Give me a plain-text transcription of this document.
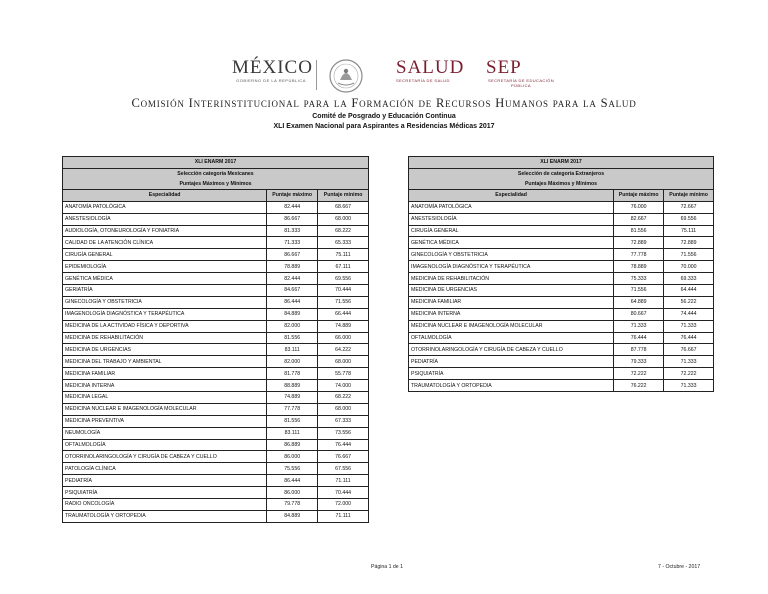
MÉXICO
GOBIERNO DE LA REPÚBLICA
SALUD
SECRETARÍA DE SALUD
SEP
SECRETARÍA DE EDUCACIÓN PÚBLICA
Comisión Interinstitucional para la Formación de Recursos Humanos para la Salud
Comité de Posgrado y Educación Continua
XLI Examen Nacional para Aspirantes a Residencias Médicas 2017
XLI ENARM 2017		
Selección categoría Mexicanes
Puntajes Máximos y Mínimos		
Especialidad	Puntaje máximo	Puntaje mínimo
ANATOMÍA PATOLÓGICA	82.444	68.667
ANESTESIOLOGÍA	86.667	68.000
AUDIOLOGÍA, OTONEUROLOGÍA Y FONIATRIA	81.333	68.222
CALIDAD DE LA ATENCIÓN CLÍNICA	71.333	65.333
CIRUGÍA GENERAL	86.667	75.111
EPIDEMIOLOGÍA	78.889	67.111
GENÉTICA MÉDICA	82.444	69.556
GERIATRÍA	84.667	70.444
GINECOLOGÍA Y OBSTETRICIA	86.444	71.556
IMAGENOLOGÍA DIAGNÓSTICA Y TERAPÉUTICA	84.889	66.444
MEDICINA DE LA ACTIVIDAD FÍSICA Y DEPORTIVA	82.000	74.889
MEDICINA DE REHABILITACIÓN	81.556	66.000
MEDICINA DE URGENCIAS	83.111	64.222
MEDICINA DEL TRABAJO Y AMBIENTAL	82.000	68.000
MEDICINA FAMILIAR	81.778	55.778
MEDICINA INTERNA	88.889	74.000
MEDICINA LEGAL	74.889	68.222
MEDICINA NUCLEAR E IMAGENOLOGÍA MOLECULAR	77.778	68.000
MEDICINA PREVENTIVA	81.556	67.333
NEUMOLOGÍA	83.111	73.556
OFTALMOLOGÍA	86.889	76.444
OTORRINOLARINGOLOGÍA Y CIRUGÍA DE CABEZA Y CUELLO	86.000	76.667
PATOLOGÍA CLÍNICA	75.556	67.556
PEDIATRÍA	86.444	71.111
PSIQUIATRÍA	86.000	70.444
RADIO ONCOLOGÍA	79.778	72.000
TRAUMATOLOGÍA Y ORTOPEDIA	84.889	71.111
XLI ENARM 2017		
Selección de categoría Extranjeros
Puntajes Máximos y Mínimos		
Especialidad	Puntaje máximo	Puntaje mínimo
ANATOMÍA PATOLÓGICA	76.000	72.667
ANESTESIOLOGÍA	82.667	69.556
CIRUGÍA GENERAL	81.556	75.111
GENÉTICA MÉDICA	72.889	72.889
GINECOLOGÍA Y OBSTETRICIA	77.778	71.556
IMAGENOLOGÍA DIAGNÓSTICA Y TERAPÉUTICA	78.889	70.000
MEDICINA DE REHABILITACIÓN	75.333	69.333
MEDICINA DE URGENCIAS	71.556	64.444
MEDICINA FAMILIAR	64.889	56.222
MEDICINA INTERNA	80.667	74.444
MEDICINA NUCLEAR E IMAGENOLOGÍA MOLECULAR	71.333	71.333
OFTALMOLOGÍA	76.444	76.444
OTORRINOLARINGOLOGÍA Y CIRUGÍA DE CABEZA Y CUELLO	87.778	76.667
PEDIATRÍA	79.333	71.333
PSIQUIATRÍA	72.222	72.222
TRAUMATOLOGÍA Y ORTOPEDIA	76.222	71.333
Página 1 de 1	7 - Octubre - 2017
